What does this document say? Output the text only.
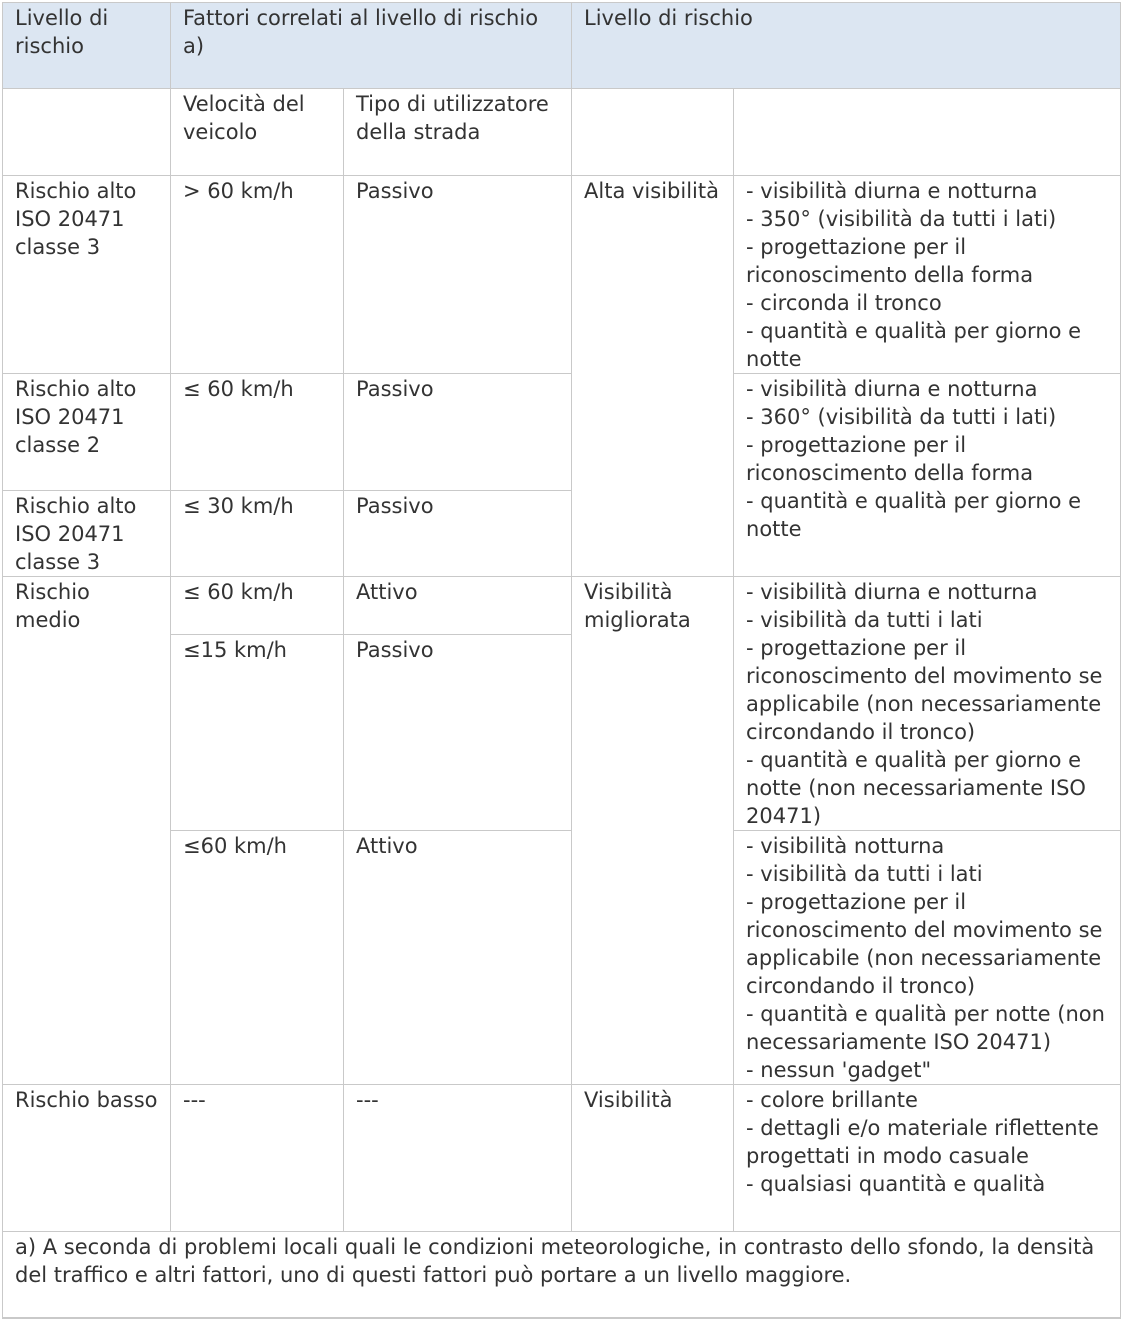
Livello di rischio	Fattori correlati al livello di rischio a)		Livello di rischio	
	Velocità del veicolo	Tipo di utilizzatore della strada		
Rischio alto ISO 20471 classe 3	> 60 km/h	Passivo	Alta visibilità	- visibilità diurna e notturna
- 350° (visibilità da tutti i lati)
- progettazione per il riconoscimento della forma
- circonda il tronco
- quantità e qualità per giorno e notte
Rischio alto ISO 20471 classe 2	≤ 60 km/h	Passivo		- visibilità diurna e notturna
- 360° (visibilità da tutti i lati)
- progettazione per il riconoscimento della forma
- quantità e qualità per giorno e notte
Rischio alto ISO 20471 classe 3	≤ 30 km/h	Passivo		
Rischio medio	≤ 60 km/h	Attivo	Visibilità migliorata	- visibilità diurna e notturna
- visibilità da tutti i lati
- progettazione per il riconoscimento del movimento se applicabile (non necessariamente circondando il tronco)
- quantità e qualità per giorno e notte (non necessariamente ISO 20471)
	≤15 km/h	Passivo		
	≤60 km/h	Attivo		- visibilità notturna
- visibilità da tutti i lati
- progettazione per il riconoscimento del movimento se applicabile (non necessariamente circondando il tronco)
- quantità e qualità per notte (non necessariamente ISO 20471)
- nessun 'gadget"
Rischio basso	---	---	Visibilità	- colore brillante
- dettagli e/o materiale riflettente progettati in modo casuale
- qualsiasi quantità e qualità
a) A seconda di problemi locali quali le condizioni meteorologiche, in contrasto dello sfondo, la densità del traffico e altri fattori, uno di questi fattori può portare a un livello maggiore.				
